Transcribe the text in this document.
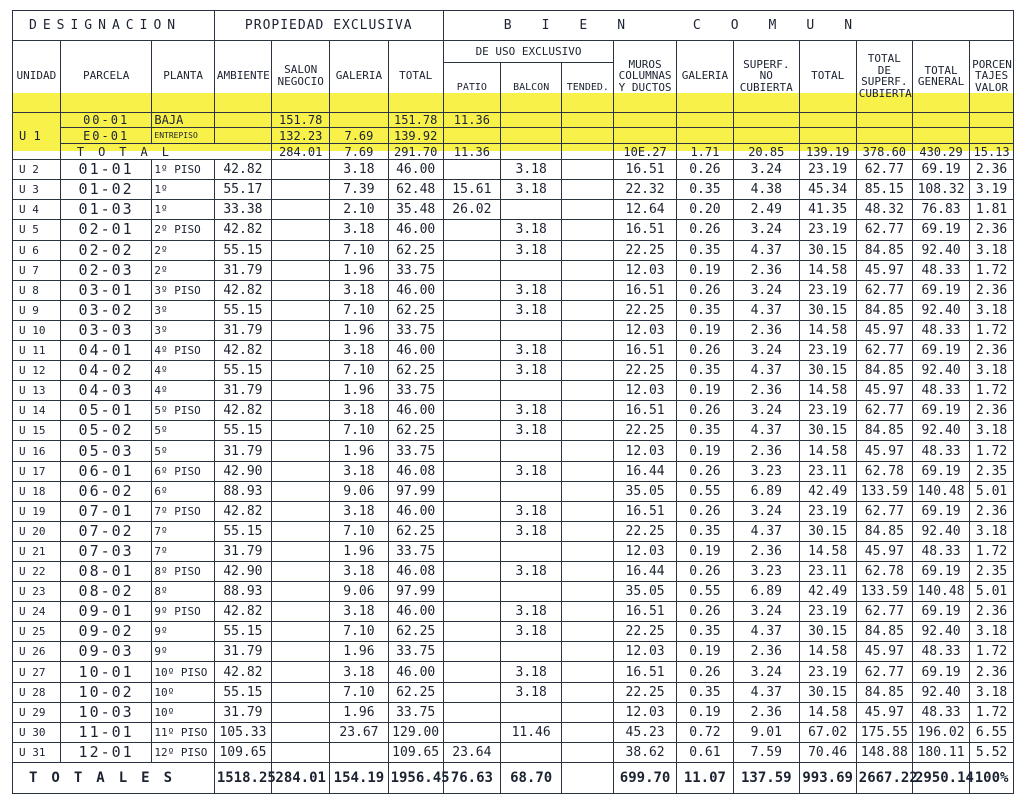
DESIGNACION			PROPIEDAD EXCLUSIVA				BIEN COMUN									
UNIDAD	PARCELA	PLANTA	AMBIENTE	SALON NEGOCIO	GALERIA	TOTAL	DE USO EXCLUSIVO			MUROS COLUMNAS Y DUCTOS	GALERIA	SUPERF. NO CUBIERTA	TOTAL	TOTAL DE SUPERF. CUBIERTA	TOTAL GENERAL	PORCEN TAJES VALOR
							PATIO	BALCON	TENDED.							
U 1	00-01	BAJA		151.78		151.78	11.36									
	E0-01	ENTREPISO		132.23	7.69	139.92										
	TOTAL			284.01	7.69	291.70	11.36			10E.27	1.71	20.85	139.19	378.60	430.29	15.13
U 2	01-01	1º PISO	42.82		3.18	46.00		3.18		16.51	0.26	3.24	23.19	62.77	69.19	2.36
U 3	01-02	1º	55.17		7.39	62.48	15.61	3.18		22.32	0.35	4.38	45.34	85.15	108.32	3.19
U 4	01-03	1º	33.38		2.10	35.48	26.02			12.64	0.20	2.49	41.35	48.32	76.83	1.81
U 5	02-01	2º PISO	42.82		3.18	46.00		3.18		16.51	0.26	3.24	23.19	62.77	69.19	2.36
U 6	02-02	2º	55.15		7.10	62.25		3.18		22.25	0.35	4.37	30.15	84.85	92.40	3.18
U 7	02-03	2º	31.79		1.96	33.75				12.03	0.19	2.36	14.58	45.97	48.33	1.72
U 8	03-01	3º PISO	42.82		3.18	46.00		3.18		16.51	0.26	3.24	23.19	62.77	69.19	2.36
U 9	03-02	3º	55.15		7.10	62.25		3.18		22.25	0.35	4.37	30.15	84.85	92.40	3.18
U 10	03-03	3º	31.79		1.96	33.75				12.03	0.19	2.36	14.58	45.97	48.33	1.72
U 11	04-01	4º PISO	42.82		3.18	46.00		3.18		16.51	0.26	3.24	23.19	62.77	69.19	2.36
U 12	04-02	4º	55.15		7.10	62.25		3.18		22.25	0.35	4.37	30.15	84.85	92.40	3.18
U 13	04-03	4º	31.79		1.96	33.75				12.03	0.19	2.36	14.58	45.97	48.33	1.72
U 14	05-01	5º PISO	42.82		3.18	46.00		3.18		16.51	0.26	3.24	23.19	62.77	69.19	2.36
U 15	05-02	5º	55.15		7.10	62.25		3.18		22.25	0.35	4.37	30.15	84.85	92.40	3.18
U 16	05-03	5º	31.79		1.96	33.75				12.03	0.19	2.36	14.58	45.97	48.33	1.72
U 17	06-01	6º PISO	42.90		3.18	46.08		3.18		16.44	0.26	3.23	23.11	62.78	69.19	2.35
U 18	06-02	6º	88.93		9.06	97.99				35.05	0.55	6.89	42.49	133.59	140.48	5.01
U 19	07-01	7º PISO	42.82		3.18	46.00		3.18		16.51	0.26	3.24	23.19	62.77	69.19	2.36
U 20	07-02	7º	55.15		7.10	62.25		3.18		22.25	0.35	4.37	30.15	84.85	92.40	3.18
U 21	07-03	7º	31.79		1.96	33.75				12.03	0.19	2.36	14.58	45.97	48.33	1.72
U 22	08-01	8º PISO	42.90		3.18	46.08		3.18		16.44	0.26	3.23	23.11	62.78	69.19	2.35
U 23	08-02	8º	88.93		9.06	97.99				35.05	0.55	6.89	42.49	133.59	140.48	5.01
U 24	09-01	9º PISO	42.82		3.18	46.00		3.18		16.51	0.26	3.24	23.19	62.77	69.19	2.36
U 25	09-02	9º	55.15		7.10	62.25		3.18		22.25	0.35	4.37	30.15	84.85	92.40	3.18
U 26	09-03	9º	31.79		1.96	33.75				12.03	0.19	2.36	14.58	45.97	48.33	1.72
U 27	10-01	10º PISO	42.82		3.18	46.00		3.18		16.51	0.26	3.24	23.19	62.77	69.19	2.36
U 28	10-02	10º	55.15		7.10	62.25		3.18		22.25	0.35	4.37	30.15	84.85	92.40	3.18
U 29	10-03	10º	31.79		1.96	33.75				12.03	0.19	2.36	14.58	45.97	48.33	1.72
U 30	11-01	11º PISO	105.33		23.67	129.00		11.46		45.23	0.72	9.01	67.02	175.55	196.02	6.55
U 31	12-01	12º PISO	109.65			109.65	23.64			38.62	0.61	7.59	70.46	148.88	180.11	5.52
TOTALES			1518.25	284.01	154.19	1956.45	76.63	68.70		699.70	11.07	137.59	993.69	2667.22	2950.14	100%
